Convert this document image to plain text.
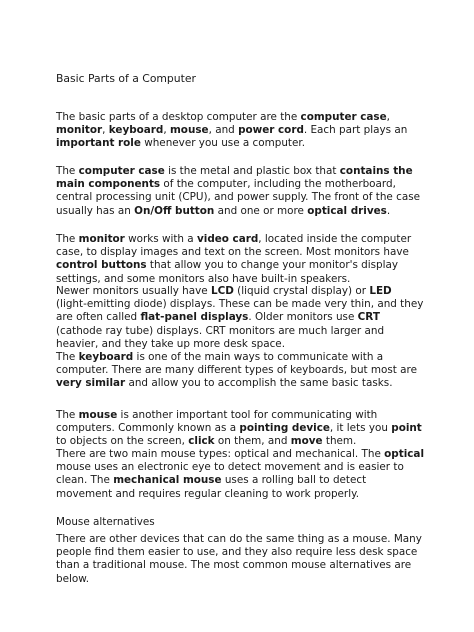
Basic Parts of a Computer

The basic parts of a desktop computer are the computer case, monitor, keyboard, mouse, and power cord. Each part plays an important role whenever you use a computer.

The computer case is the metal and plastic box that contains the main components of the computer, including the motherboard, central processing unit (CPU), and power supply. The front of the case usually has an On/Off button and one or more optical drives.

The monitor works with a video card, located inside the computer case, to display images and text on the screen. Most monitors have control buttons that allow you to change your monitor's display settings, and some monitors also have built-in speakers.

Newer monitors usually have LCD (liquid crystal display) or LED (light-emitting diode) displays. These can be made very thin, and they are often called flat-panel displays. Older monitors use CRT (cathode ray tube) displays. CRT monitors are much larger and heavier, and they take up more desk space.

The keyboard is one of the main ways to communicate with a computer. There are many different types of keyboards, but most are very similar and allow you to accomplish the same basic tasks.

The mouse is another important tool for communicating with computers. Commonly known as a pointing device, it lets you point to objects on the screen, click on them, and move them.

There are two main mouse types: optical and mechanical. The optical mouse uses an electronic eye to detect movement and is easier to clean. The mechanical mouse uses a rolling ball to detect movement and requires regular cleaning to work properly.

Mouse alternatives

There are other devices that can do the same thing as a mouse. Many people find them easier to use, and they also require less desk space than a traditional mouse. The most common mouse alternatives are below.
